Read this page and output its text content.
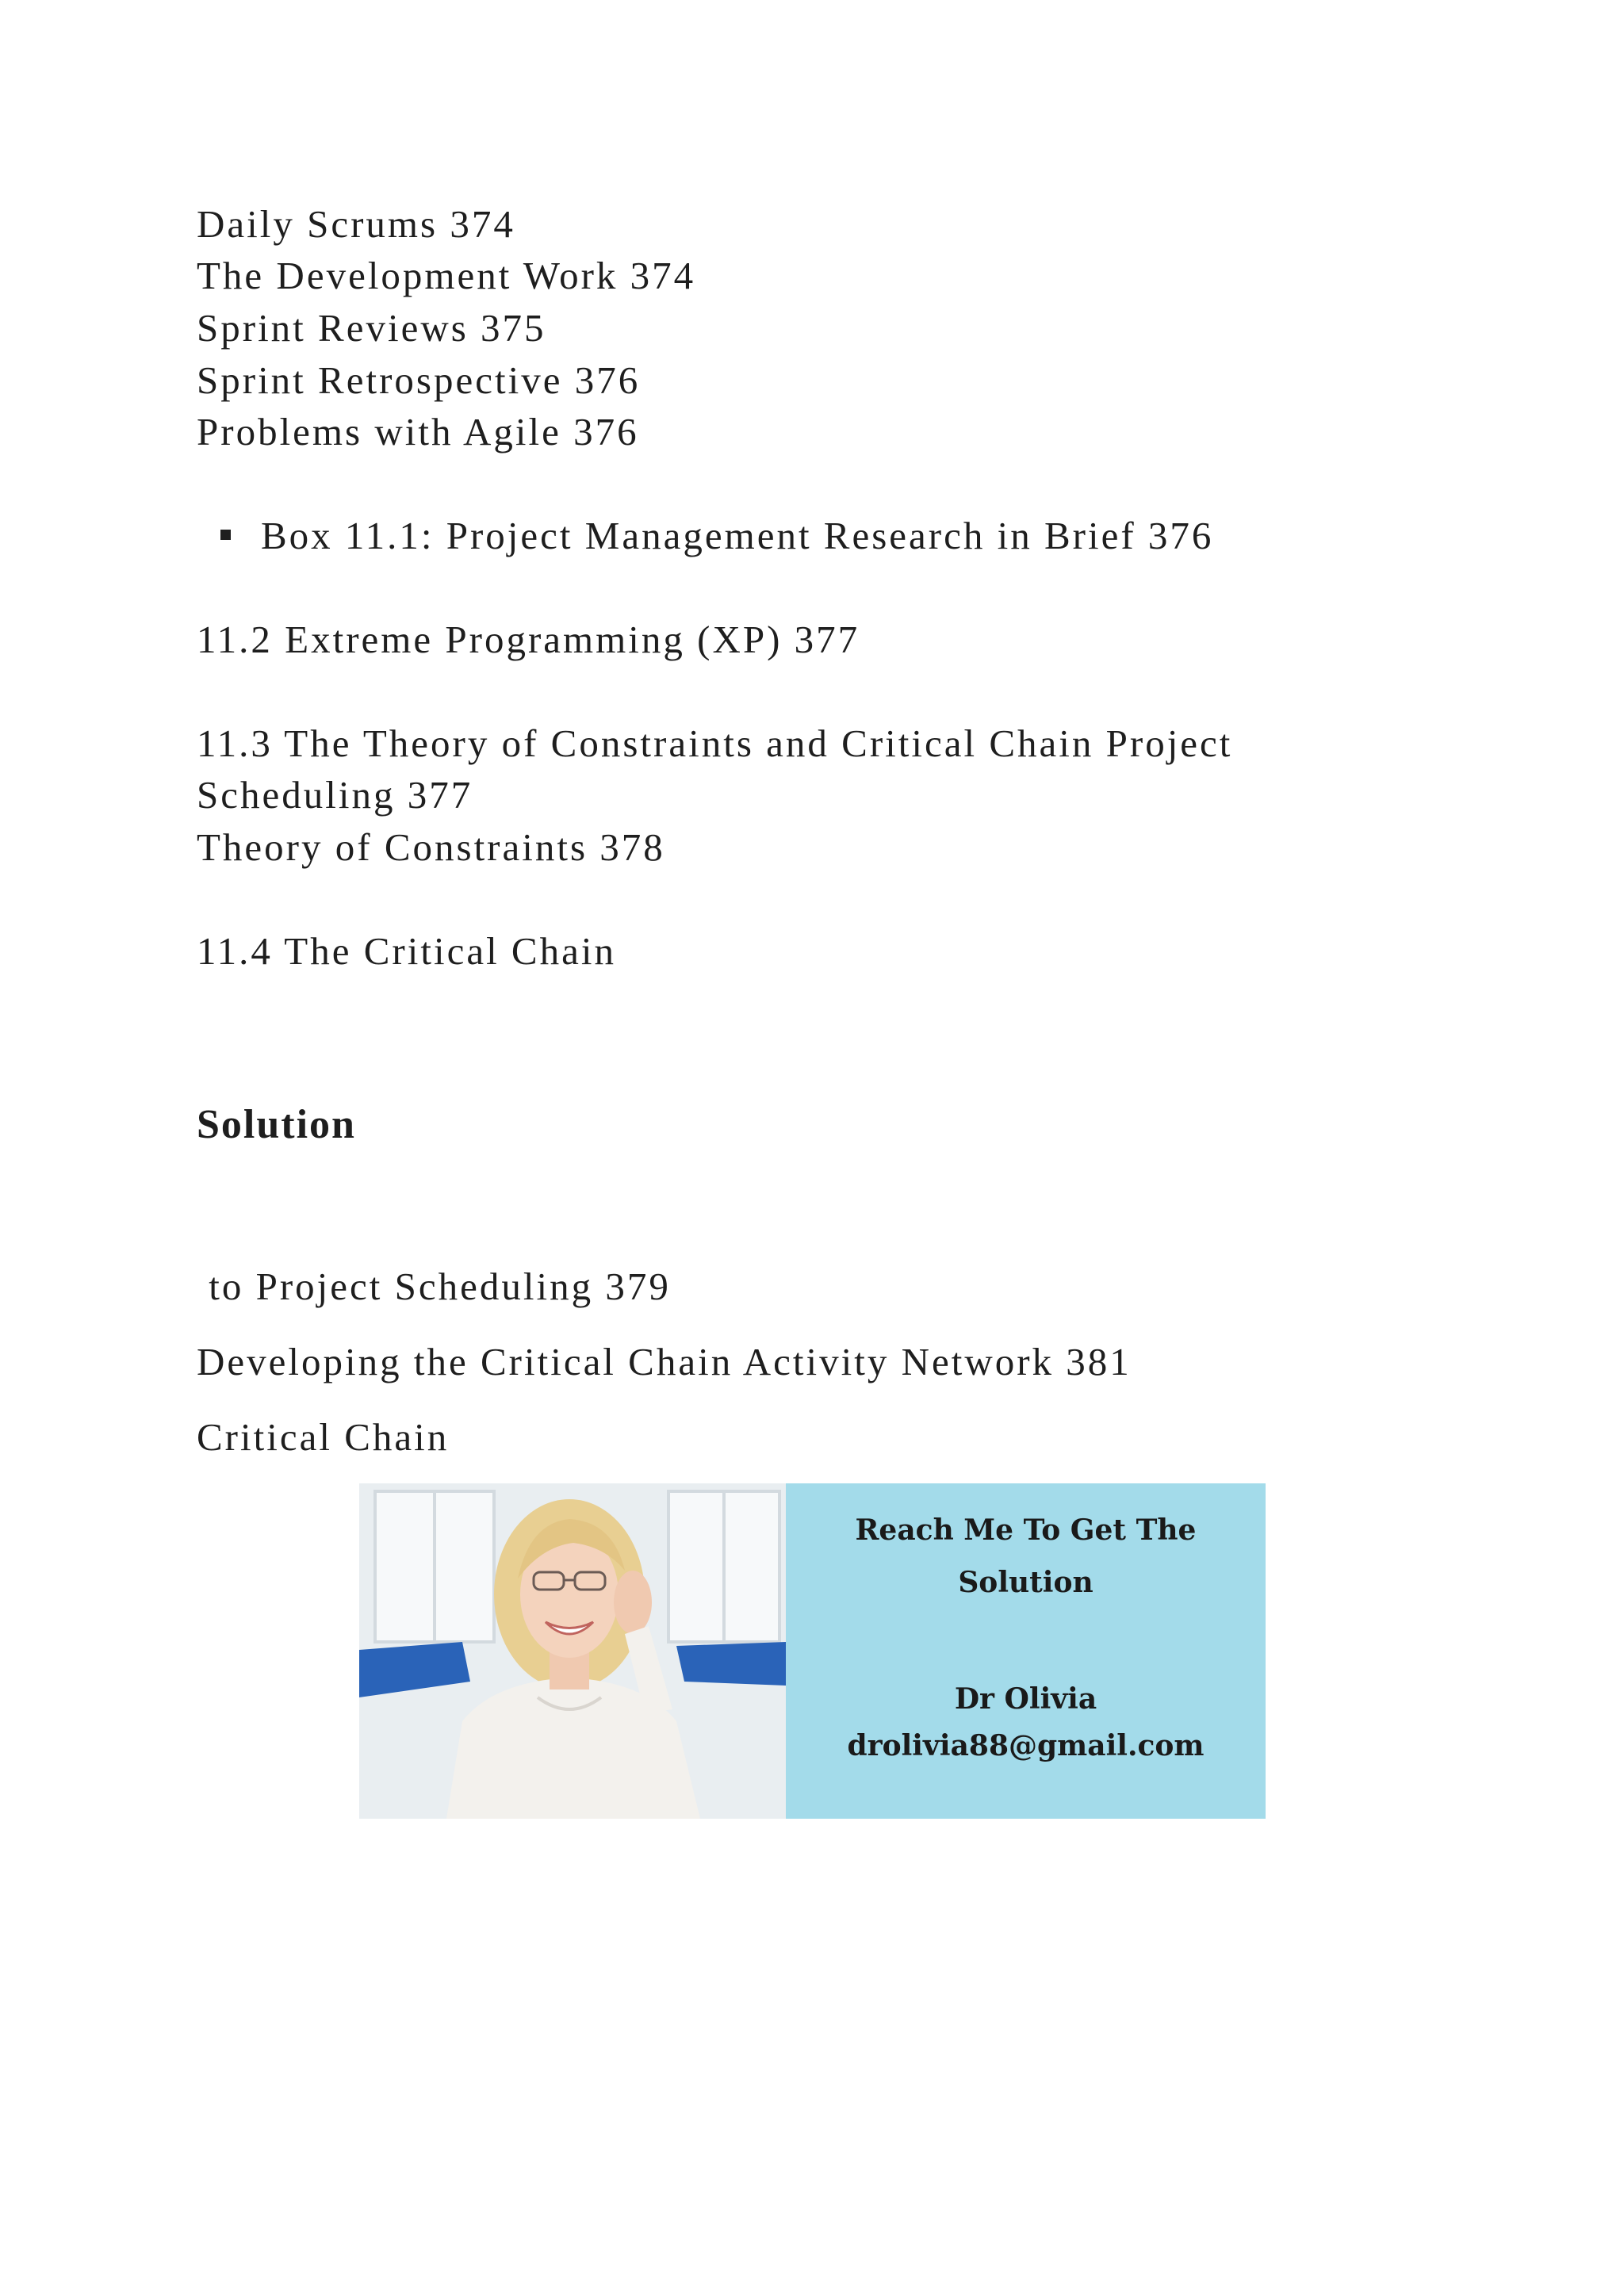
Daily Scrums 374
The Development Work 374
Sprint Reviews 375
Sprint Retrospective 376
Problems with Agile 376
Box 11.1: Project Management Research in Brief 376
11.2 Extreme Programming (XP) 377
11.3 The Theory of Constraints and Critical Chain Project
Scheduling 377
Theory of Constraints 378
11.4 The Critical Chain
Solution
to Project Scheduling 379
Developing the Critical Chain Activity Network 381
Critical Chain
Reach Me To Get The
Solution
Dr Olivia
drolivia88@gmail.com
